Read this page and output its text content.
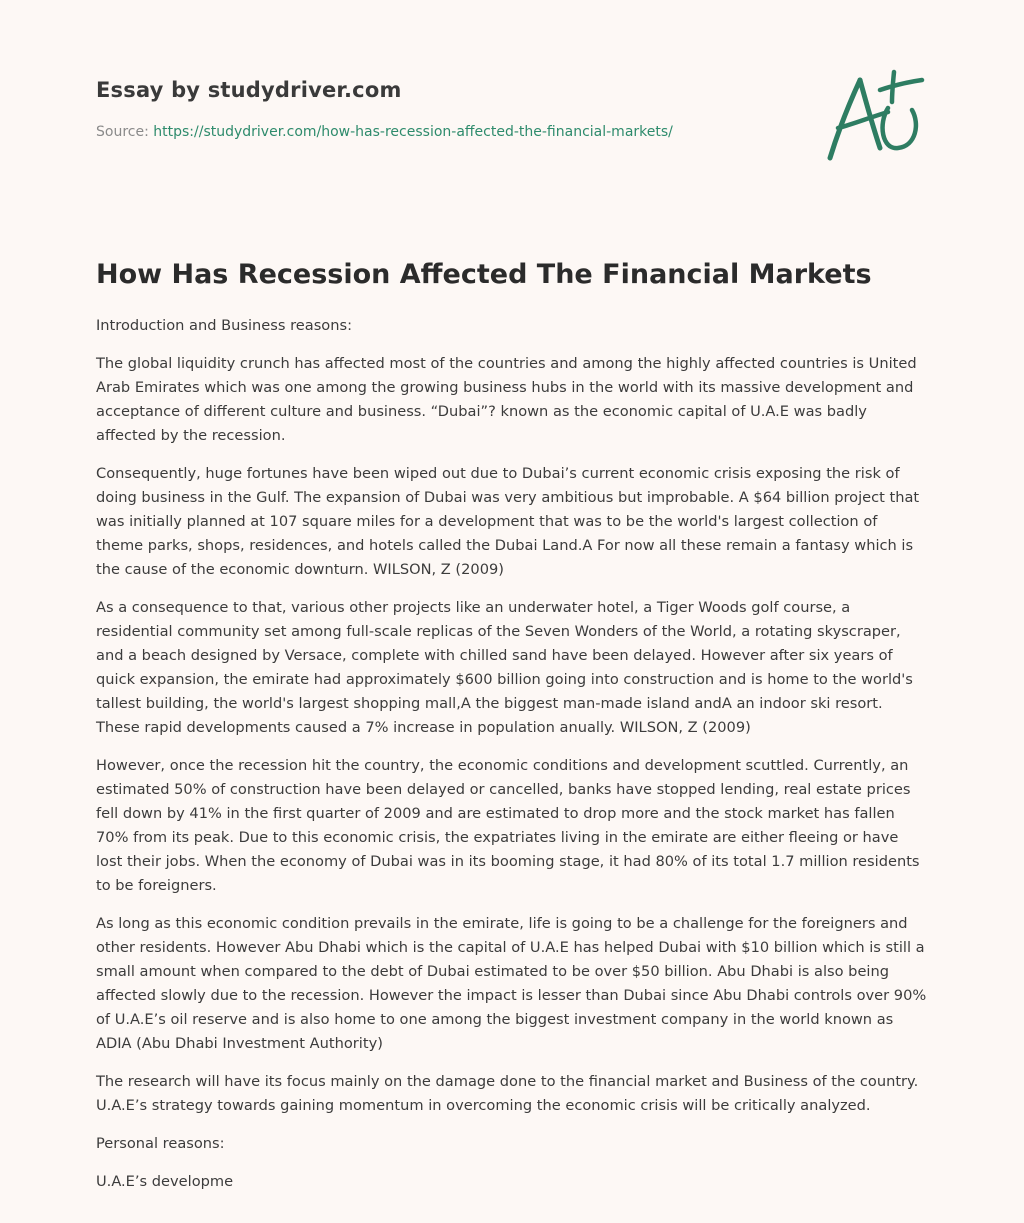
Essay by studydriver.com
Source: https://studydriver.com/how-has-recession-affected-the-financial-markets/
How Has Recession Affected The Financial Markets

Introduction and Business reasons:

The global liquidity crunch has affected most of the countries and among the highly affected countries is United Arab Emirates which was one among the growing business hubs in the world with its massive development and acceptance of different culture and business. “Dubai”? known as the economic capital of U.A.E was badly affected by the recession.

Consequently, huge fortunes have been wiped out due to Dubai’s current economic crisis exposing the risk of doing business in the Gulf. The expansion of Dubai was very ambitious but improbable. A $64 billion project that was initially planned at 107 square miles for a development that was to be the world's largest collection of theme parks, shops, residences, and hotels called the Dubai Land.A For now all these remain a fantasy which is the cause of the economic downturn. WILSON, Z (2009)

As a consequence to that, various other projects like an underwater hotel, a Tiger Woods golf course, a residential community set among full-scale replicas of the Seven Wonders of the World, a rotating skyscraper, and a beach designed by Versace, complete with chilled sand have been delayed. However after six years of quick expansion, the emirate had approximately $600 billion going into construction and is home to the world's tallest building, the world's largest shopping mall,A the biggest man-made island andA an indoor ski resort. These rapid developments caused a 7% increase in population anually. WILSON, Z (2009)

However, once the recession hit the country, the economic conditions and development scuttled. Currently, an estimated 50% of construction have been delayed or cancelled, banks have stopped lending, real estate prices fell down by 41% in the first quarter of 2009 and are estimated to drop more and the stock market has fallen 70% from its peak. Due to this economic crisis, the expatriates living in the emirate are either fleeing or have lost their jobs. When the economy of Dubai was in its booming stage, it had 80% of its total 1.7 million residents to be foreigners.

As long as this economic condition prevails in the emirate, life is going to be a challenge for the foreigners and other residents. However Abu Dhabi which is the capital of U.A.E has helped Dubai with $10 billion which is still a small amount when compared to the debt of Dubai estimated to be over $50 billion. Abu Dhabi is also being affected slowly due to the recession. However the impact is lesser than Dubai since Abu Dhabi controls over 90% of U.A.E’s oil reserve and is also home to one among the biggest investment company in the world known as ADIA (Abu Dhabi Investment Authority)

The research will have its focus mainly on the damage done to the financial market and Business of the country. U.A.E’s strategy towards gaining momentum in overcoming the economic crisis will be critically analyzed.

Personal reasons:

U.A.E’s developme
